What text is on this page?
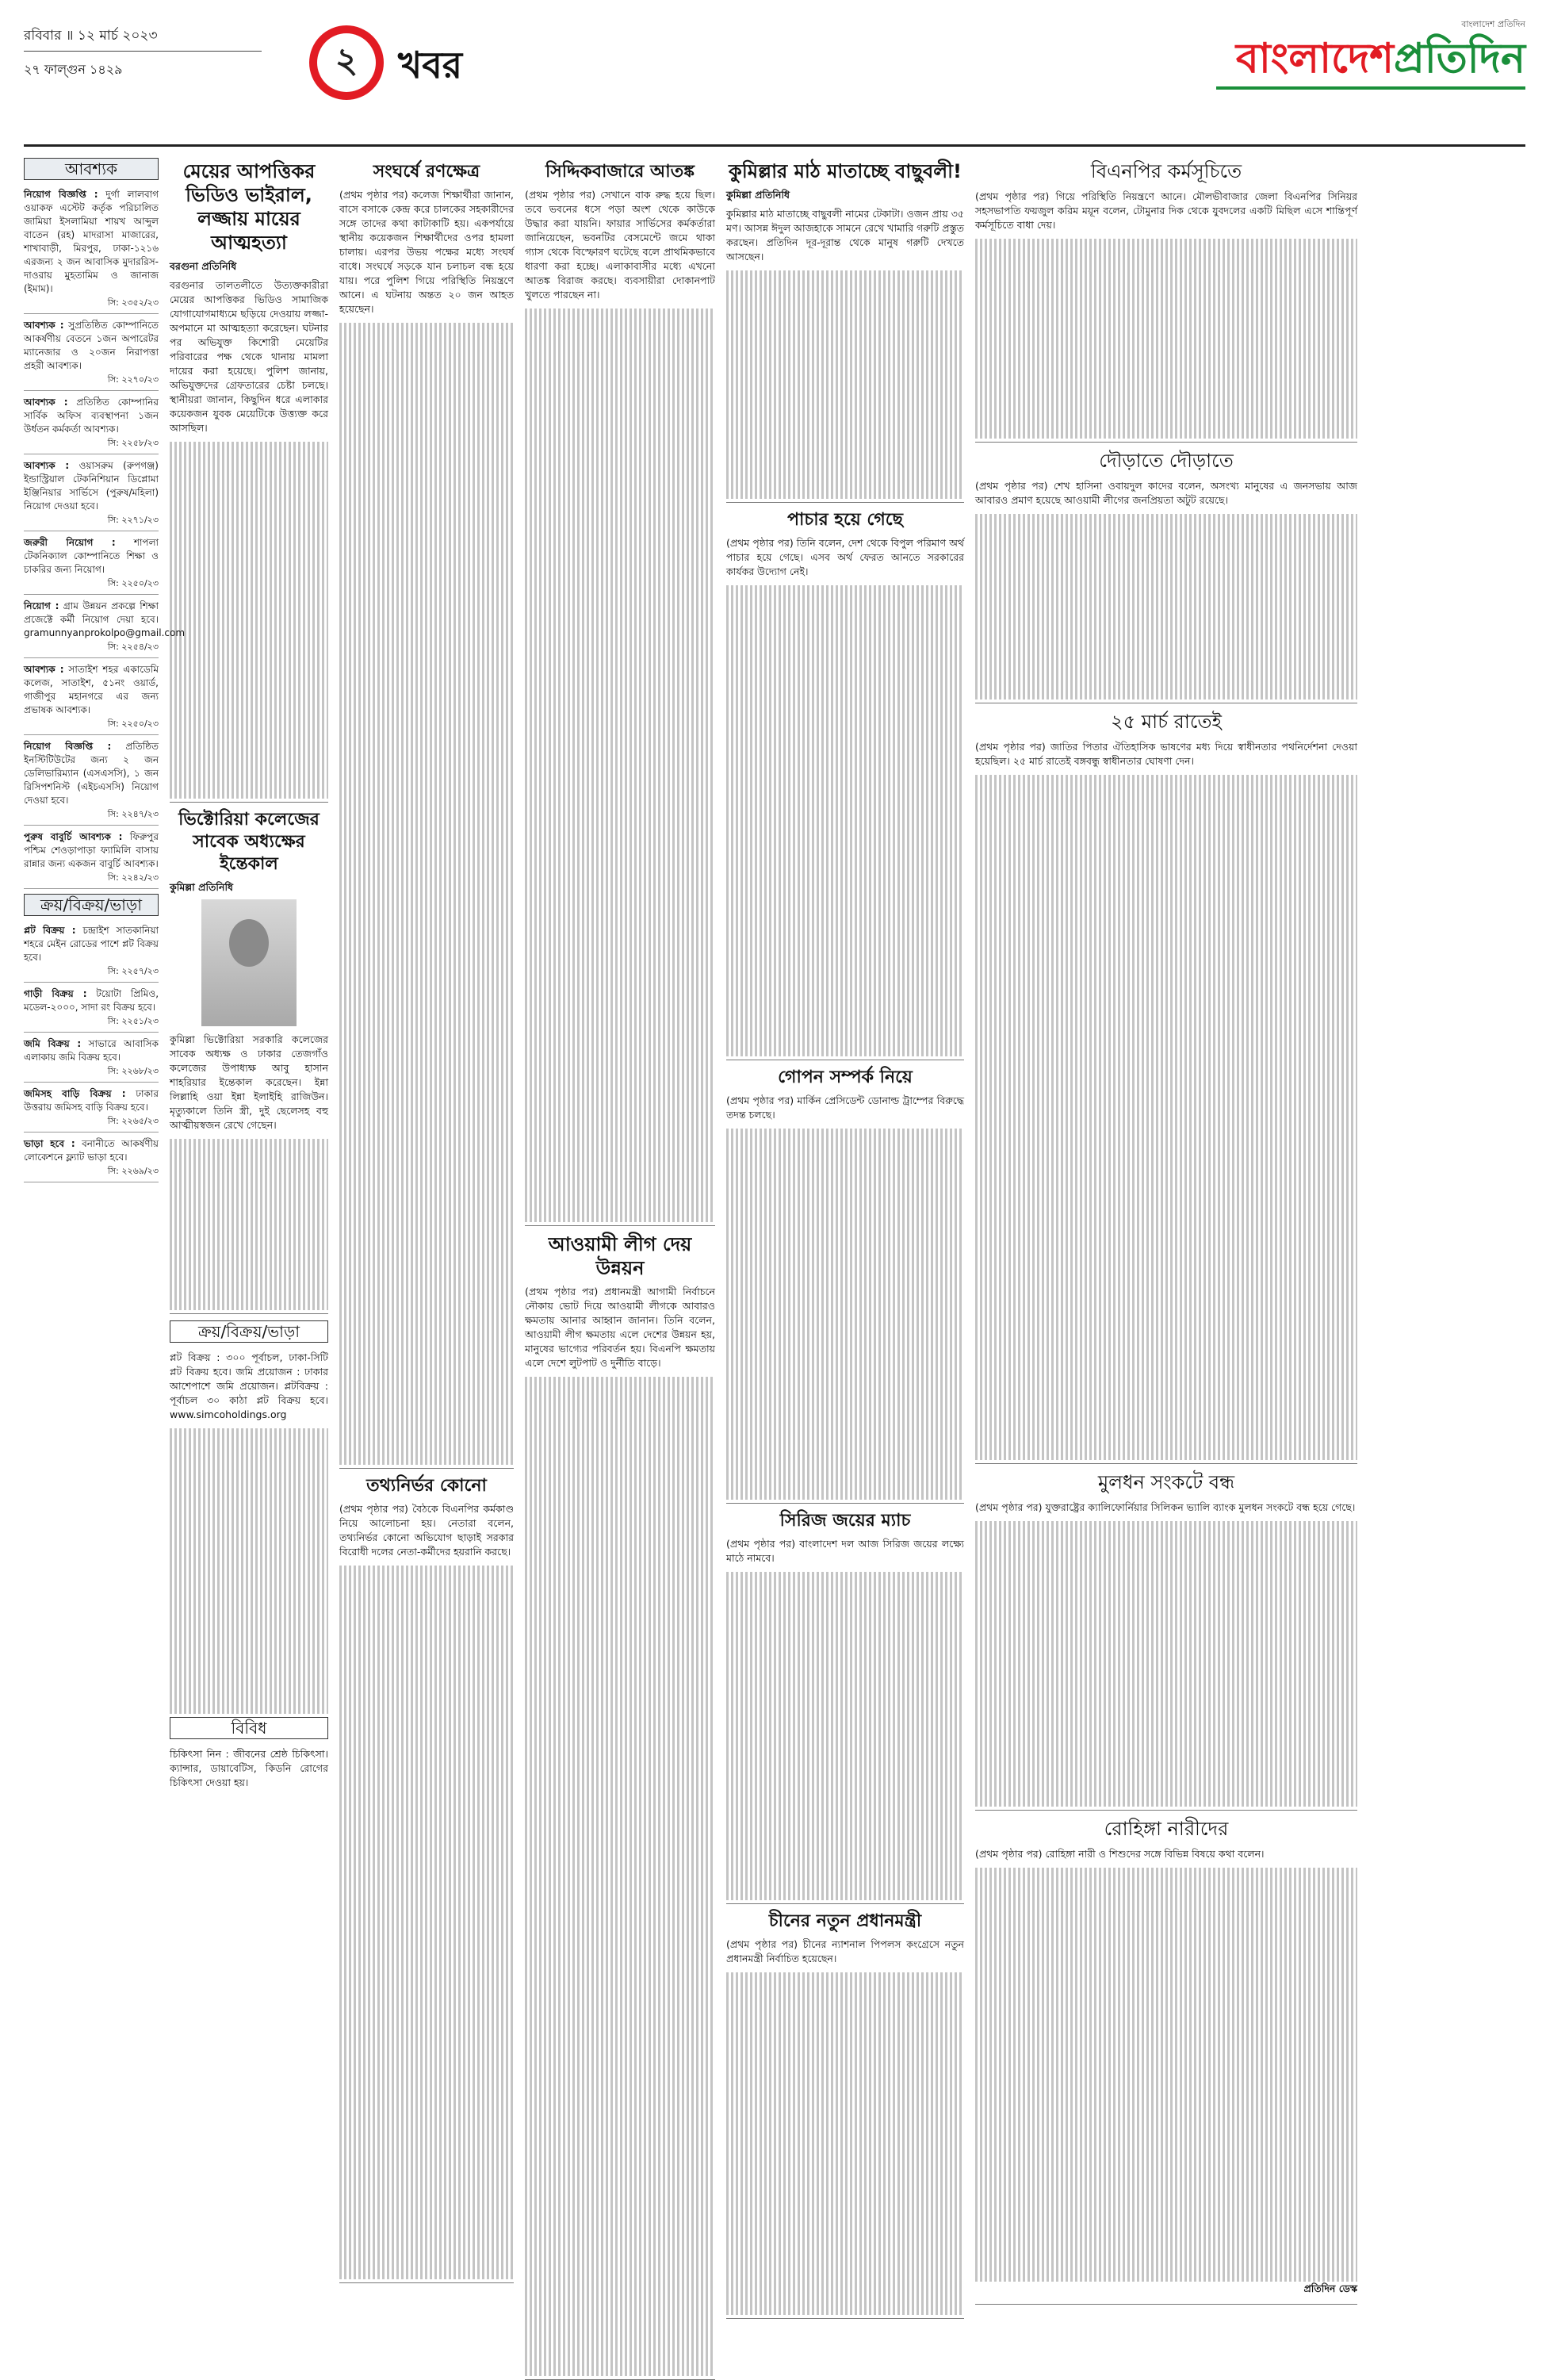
রবিবার ॥ ১২ মার্চ ২০২৩
২৭ ফাল্গুন ১৪২৯	২	খবর
বাংলাদেশ প্রতিদিন
বাংলাদেশপ্রতিদিন
আবশ্যক
নিয়োগ বিজ্ঞপ্তি : দুর্গা লালবাগ ওয়াকফ এস্টেট কর্তৃক পরিচালিত জামিয়া ইসলামিয়া শায়খ আব্দুল বাতেন (রহ) মাদরাসা মাজারের, শাখাবাড়ী, মিরপুর, ঢাকা-১২১৬ এরজন্য ২ জন আবাসিক মুদাররিস-দাওরায় মুহতামিম ও জানাজ (ইমাম)।
সি: ২৩৫২/২৩
আবশ্যক : সুপ্রতিষ্ঠিত কোম্পানিতে আকর্ষণীয় বেতনে ১জন অপারেটর ম্যানেজার ও ২০জন নিরাপত্তা প্রহরী আবশ্যক।
সি: ২২৭০/২৩
আবশ্যক : প্রতিষ্ঠিত কোম্পানির সার্বিক অফিস ব্যবস্থাপনা ১জন উর্ধতন কর্মকর্তা আবশ্যক।
সি: ২২৫৮/২৩
আবশ্যক : ওয়াসরুম (রুপগঞ্জ) ইন্ডাস্ট্রিয়াল টেকনিশিয়ান ডিপ্লোমা ইঞ্জিনিয়ার সার্ভিসে (পুরুষ/মহিলা) নিয়োগ দেওয়া হবে।
সি: ২২৭১/২৩
জরুরী নিয়োগ : শাপলা টেকনিক্যাল কোম্পানিতে শিক্ষা ও চাকরির জন্য নিয়োগ।
সি: ২২৫০/২৩
নিয়োগ : গ্রাম উন্নয়ন প্রকল্পে শিক্ষা প্রজেক্টে কর্মী নিয়োগ দেয়া হবে। gramunnyanprokolpo@gmail.com
সি: ২২৫৪/২৩
আবশ্যক : সাতাইশ শহর একাডেমি কলেজ, সাতাইশ, ৫১নং ওয়ার্ড, গাজীপুর মহানগরে এর জন্য প্রভাষক আবশ্যক।
সি: ২২৫০/২৩
নিয়োগ বিজ্ঞপ্তি : প্রতিষ্ঠিত ইনস্টিটিউটের জন্য ২ জন ডেলিভারিম্যান (এসএসসি), ১ জন রিসিপশনিস্ট (এইচএসসি) নিয়োগ দেওয়া হবে।
সি: ২২৪৭/২৩
পুরুষ বাবুর্চি আবশ্যক : ফিরুপুর পশ্চিম শেওড়াপাড়া ফ্যামিলি বাসায় রান্নার জন্য একজন বাবুর্চি আবশ্যক।
সি: ২২৪২/২৩
ক্রয়/বিক্রয়/ভাড়া
প্লট বিক্রয় : চন্দ্রাইশ সাতকানিয়া শহরে মেইন রোডের পাশে প্লট বিক্রয় হবে।
সি: ২২৫৭/২৩
গাড়ী বিক্রয় : টয়োটা প্রিমিও, মডেল-২০০০, সাদা রং বিক্রয় হবে।
সি: ২২৫১/২৩
জমি বিক্রয় : সাভারে আবাসিক এলাকায় জমি বিক্রয় হবে।
সি: ২২৬৮/২৩
জমিসহ বাড়ি বিক্রয় : ঢাকার উত্তরায় জমিসহ বাড়ি বিক্রয় হবে।
সি: ২২৬৫/২৩
ভাড়া হবে : বনানীতে আকর্ষণীয় লোকেশনে ফ্ল্যাট ভাড়া হবে।
সি: ২২৬৯/২৩
মেয়ের আপত্তিকর ভিডিও ভাইরাল, লজ্জায় মায়ের আত্মহত্যা
বরগুনা প্রতিনিধি

বরগুনার তালতলীতে উত্যক্তকারীরা মেয়ের আপত্তিকর ভিডিও সামাজিক যোগাযোগমাধ্যমে ছড়িয়ে দেওয়ায় লজ্জা-অপমানে মা আত্মহত্যা করেছেন। ঘটনার পর অভিযুক্ত কিশোরী মেয়েটির পরিবারের পক্ষ থেকে থানায় মামলা দায়ের করা হয়েছে। পুলিশ জানায়, অভিযুক্তদের গ্রেফতারের চেষ্টা চলছে। স্থানীয়রা জানান, কিছুদিন ধরে এলাকার কয়েকজন যুবক মেয়েটিকে উত্ত্যক্ত করে আসছিল।

ভিক্টোরিয়া কলেজের সাবেক অধ্যক্ষের ইন্তেকাল
কুমিল্লা প্রতিনিধি

কুমিল্লা ভিক্টোরিয়া সরকারি কলেজের সাবেক অধ্যক্ষ ও ঢাকার তেজগাঁও কলেজের উপাধ্যক্ষ আবু হাসান শাহরিয়ার ইন্তেকাল করেছেন। ইন্না লিল্লাহি ওয়া ইন্না ইলাইহি রাজিউন। মৃত্যুকালে তিনি স্ত্রী, দুই ছেলেসহ বহু আত্মীয়স্বজন রেখে গেছেন।

ক্রয়/বিক্রয়/ভাড়া

প্লট বিক্রয় : ৩০০ পূর্বাচল, ঢাকা-সিটি প্লট বিক্রয় হবে। জমি প্রয়োজন : ঢাকার আশেপাশে জমি প্রয়োজন। প্লটবিক্রয় : পূর্বাচল ৩০ কাঠা প্লট বিক্রয় হবে। www.simcoholdings.org

বিবিধ

চিকিৎসা নিন : জীবনের শ্রেষ্ঠ চিকিৎসা। ক্যান্সার, ডায়াবেটিস, কিডনি রোগের চিকিৎসা দেওয়া হয়।

সংঘর্ষে রণক্ষেত্র

(প্রথম পৃষ্ঠার পর) কলেজ শিক্ষার্থীরা জানান, বাসে বসাকে কেন্দ্র করে চালকের সহকারীদের সঙ্গে তাদের কথা কাটাকাটি হয়। একপর্যায়ে স্থানীয় কয়েকজন শিক্ষার্থীদের ওপর হামলা চালায়। এরপর উভয় পক্ষের মধ্যে সংঘর্ষ বাধে। সংঘর্ষে সড়কে যান চলাচল বন্ধ হয়ে যায়। পরে পুলিশ গিয়ে পরিস্থিতি নিয়ন্ত্রণে আনে। এ ঘটনায় অন্তত ২০ জন আহত হয়েছেন।

তথ্যনির্ভর কোনো

(প্রথম পৃষ্ঠার পর) বৈঠকে বিএনপির কর্মকাণ্ড নিয়ে আলোচনা হয়। নেতারা বলেন, তথ্যনির্ভর কোনো অভিযোগ ছাড়াই সরকার বিরোধী দলের নেতা-কর্মীদের হয়রানি করছে।

সিদ্দিকবাজারে আতঙ্ক

(প্রথম পৃষ্ঠার পর) সেখানে বাক রুদ্ধ হয়ে ছিল। তবে ভবনের ধসে পড়া অংশ থেকে কাউকে উদ্ধার করা যায়নি। ফায়ার সার্ভিসের কর্মকর্তারা জানিয়েছেন, ভবনটির বেসমেন্টে জমে থাকা গ্যাস থেকে বিস্ফোরণ ঘটেছে বলে প্রাথমিকভাবে ধারণা করা হচ্ছে। এলাকাবাসীর মধ্যে এখনো আতঙ্ক বিরাজ করছে। ব্যবসায়ীরা দোকানপাট খুলতে পারছেন না।

আওয়ামী লীগ দেয় উন্নয়ন

(প্রথম পৃষ্ঠার পর) প্রধানমন্ত্রী আগামী নির্বাচনে নৌকায় ভোট দিয়ে আওয়ামী লীগকে আবারও ক্ষমতায় আনার আহ্বান জানান। তিনি বলেন, আওয়ামী লীগ ক্ষমতায় এলে দেশের উন্নয়ন হয়, মানুষের ভাগ্যের পরিবর্তন হয়। বিএনপি ক্ষমতায় এলে দেশে লুটপাট ও দুর্নীতি বাড়ে।

কুমিল্লার মাঠ মাতাচ্ছে বাছুবলী!
কুমিল্লা প্রতিনিধি

কুমিল্লার মাঠ মাতাচ্ছে বাছুবলী নামের টেকাটা। ওজন প্রায় ৩৫ মণ। আসন্ন ঈদুল আজহাকে সামনে রেখে খামারি গরুটি প্রস্তুত করছেন। প্রতিদিন দূর-দূরান্ত থেকে মানুষ গরুটি দেখতে আসছেন।

পাচার হয়ে গেছে

(প্রথম পৃষ্ঠার পর) তিনি বলেন, দেশ থেকে বিপুল পরিমাণ অর্থ পাচার হয়ে গেছে। এসব অর্থ ফেরত আনতে সরকারের কার্যকর উদ্যোগ নেই।

গোপন সম্পর্ক নিয়ে

(প্রথম পৃষ্ঠার পর) মার্কিন প্রেসিডেন্ট ডোনাল্ড ট্রাম্পের বিরুদ্ধে তদন্ত চলছে।

সিরিজ জয়ের ম্যাচ

(প্রথম পৃষ্ঠার পর) বাংলাদেশ দল আজ সিরিজ জয়ের লক্ষ্যে মাঠে নামবে।

চীনের নতুন প্রধানমন্ত্রী

(প্রথম পৃষ্ঠার পর) চীনের ন্যাশনাল পিপলস কংগ্রেসে নতুন প্রধানমন্ত্রী নির্বাচিত হয়েছেন।

বিএনপির কর্মসূচিতে

(প্রথম পৃষ্ঠার পর) গিয়ে পরিস্থিতি নিয়ন্ত্রণে আনে। মৌলভীবাজার জেলা বিএনপির সিনিয়র সহসভাপতি ফয়জুল করিম ময়ূন বলেন, টোমুনার দিক থেকে যুবদলের একটি মিছিল এসে শান্তিপূর্ণ কর্মসূচিতে বাধা দেয়।

দৌড়াতে দৌড়াতে

(প্রথম পৃষ্ঠার পর) শেখ হাসিনা ওবায়দুল কাদের বলেন, অসংখ্য মানুষের এ জনসভায় আজ আবারও প্রমাণ হয়েছে আওয়ামী লীগের জনপ্রিয়তা অটুট রয়েছে।

২৫ মার্চ রাতেই

(প্রথম পৃষ্ঠার পর) জাতির পিতার ঐতিহাসিক ভাষণের মধ্য দিয়ে স্বাধীনতার পথনির্দেশনা দেওয়া হয়েছিল। ২৫ মার্চ রাতেই বঙ্গবন্ধু স্বাধীনতার ঘোষণা দেন।

মুলধন সংকটে বন্ধ

(প্রথম পৃষ্ঠার পর) যুক্তরাষ্ট্রের ক্যালিফোর্নিয়ার সিলিকন ভ্যালি ব্যাংক মুলধন সংকটে বন্ধ হয়ে গেছে।

রোহিঙ্গা নারীদের

(প্রথম পৃষ্ঠার পর) রোহিঙ্গা নারী ও শিশুদের সঙ্গে বিভিন্ন বিষয়ে কথা বলেন।

প্রতিদিন ডেস্ক
